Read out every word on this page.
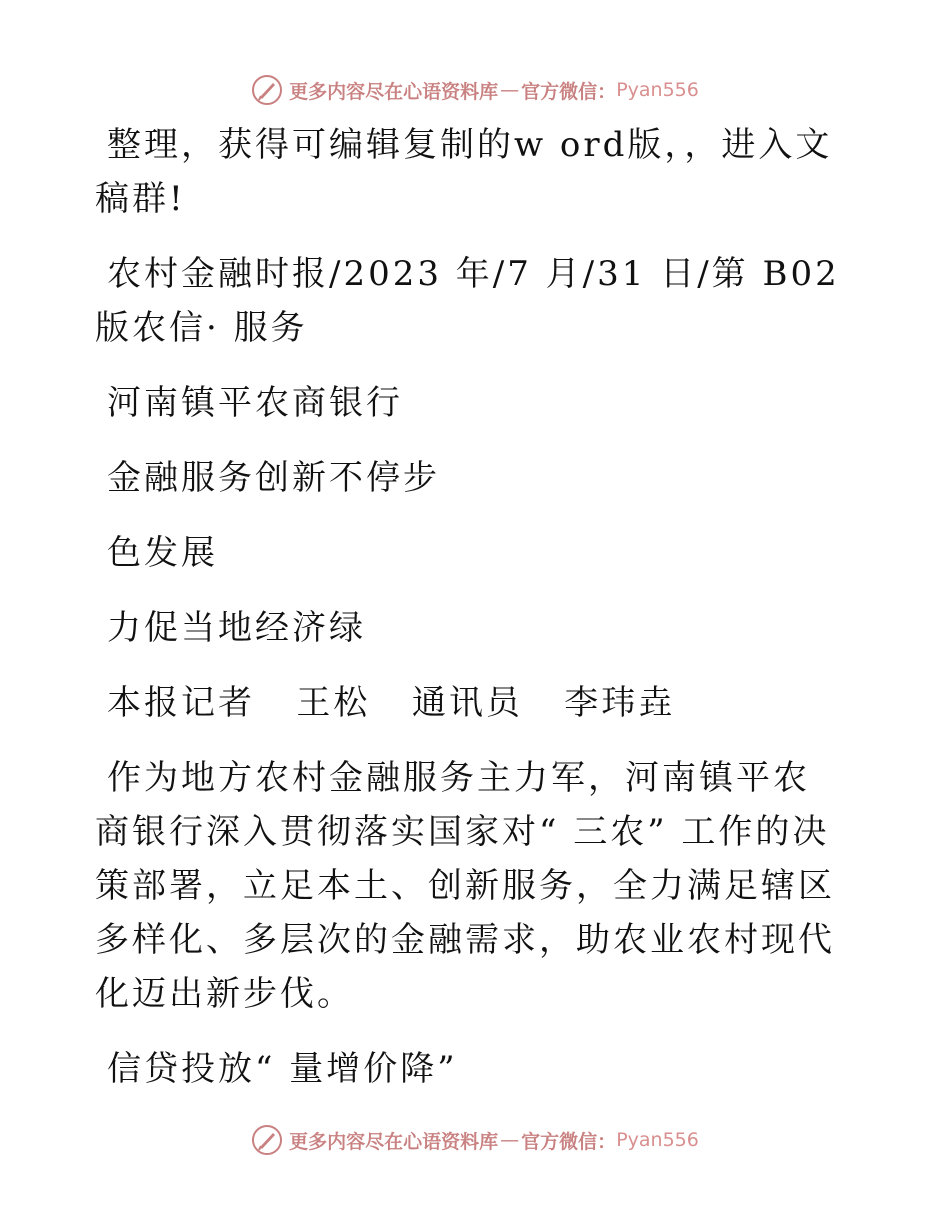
更多内容尽在心语资料库 — 官方微信： Pyan556

整理，获得可编辑复制的w ord版，，进入文稿群!

农村金融时报/2023 年/7 月/31 日/第 B02 版农信· 服务

河南镇平农商银行

金融服务创新不停步

色发展

力促当地经济绿

本报记者   王松   通讯员   李玮垚

作为地方农村金融服务主力军，河南镇平农商银行深入贯彻落实国家对“ 三农” 工作的决策部署，立足本土、创新服务，全力满足辖区多样化、多层次的金融需求，助农业农村现代化迈出新步伐。

信贷投放“ 量增价降”

更多内容尽在心语资料库 — 官方微信： Pyan556
